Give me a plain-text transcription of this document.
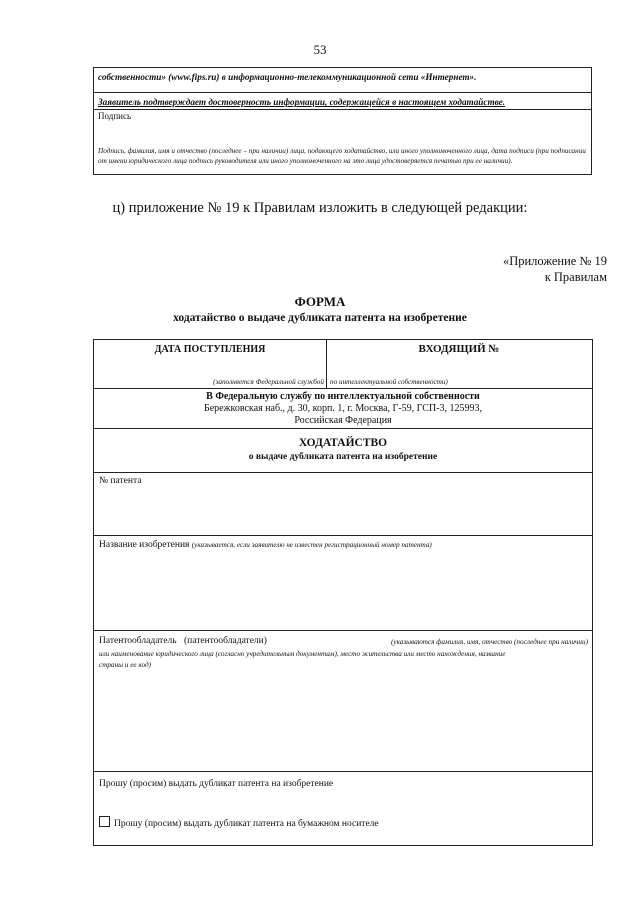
53
собственности» (www.fips.ru) в информационно-телекоммуникационной сети «Интернет».
Заявитель подтверждает достоверность информации, содержащейся в настоящем ходатайстве.
Подпись
Подпись, фамилия, имя и отчество (последнее – при наличии) лица, подающего ходатайство, или иного уполномоченного лица, дата подписи (при подписании от имени юридического лица подпись руководителя или иного уполномоченного на это лица удостоверяется печатью при ее наличии).
ц) приложение № 19 к Правилам изложить в следующей редакции:
«Приложение № 19
к Правилам
ФОРМА
ходатайство о выдаче дубликата патента на изобретение
ДАТА ПОСТУПЛЕНИЯ	ВХОДЯЩИЙ №
(заполняется Федеральной службой по интеллектуальной собственности)
В Федеральную службу по интеллектуальной собственности
Бережковская наб., д. 30, корп. 1, г. Москва, Г-59, ГСП-3, 125993,
Российская Федерация
ХОДАТАЙСТВО
о выдаче дубликата патента на изобретение
№ патента
Название изобретения (указывается, если заявителю не известен регистрационный номер патента)
Патентообладатель (патентообладатели)	(указываются фамилия, имя, отчество (последнее при наличии)
или наименование юридического лица (согласно учредительным документам), место жительства или место нахождения, название
страны и ее код)
Прошу (просим) выдать дубликат патента на изобретение
Прошу (просим) выдать дубликат патента на бумажном носителе
